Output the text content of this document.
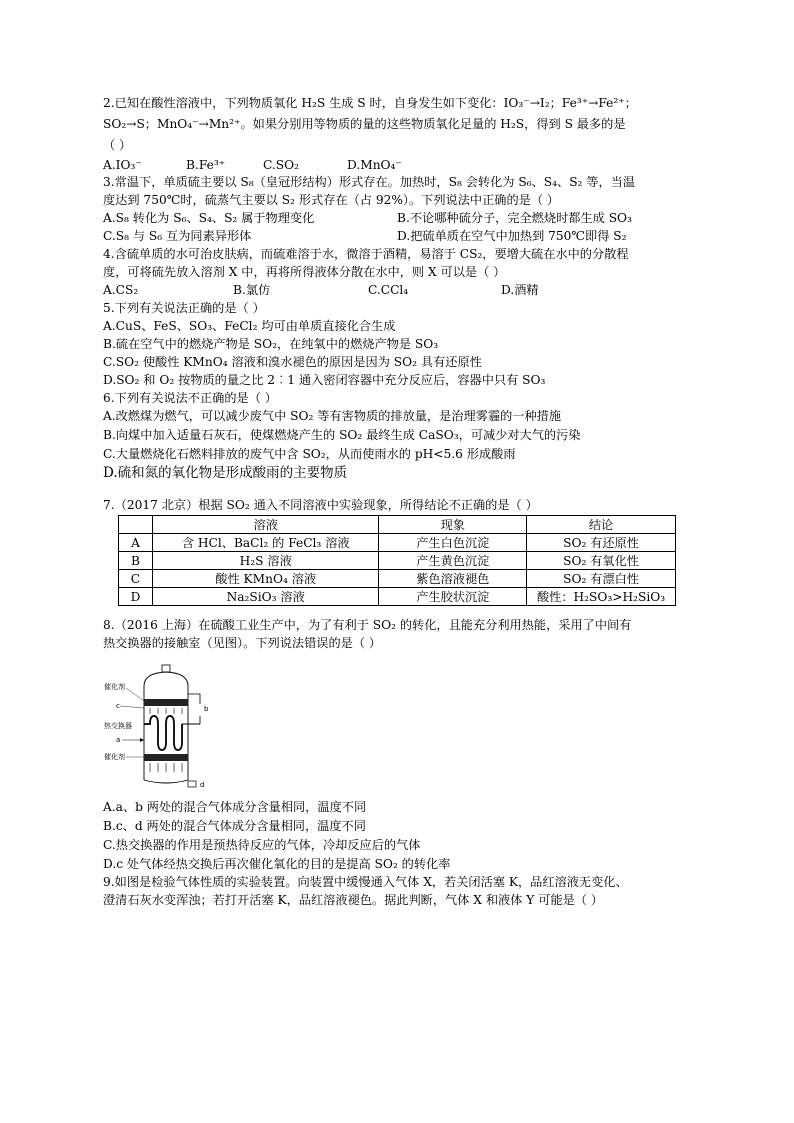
2.已知在酸性溶液中，下列物质氧化 H₂S 生成 S 时，自身发生如下变化：IO₃⁻→I₂；Fe³⁺→Fe²⁺；
SO₂→S；MnO₄⁻→Mn²⁺。如果分别用等物质的量的这些物质氧化足量的 H₂S，得到 S 最多的是
（ ）
A.IO₃⁻	B.Fe³⁺	C.SO₂	D.MnO₄⁻
3.常温下，单质硫主要以 S₈（皇冠形结构）形式存在。加热时，S₈ 会转化为 S₆、S₄、S₂ 等，当温
度达到 750℃时，硫蒸气主要以 S₂ 形式存在（占 92%）。下列说法中正确的是（ ）
A.S₈ 转化为 S₆、S₄、S₂ 属于物理变化	B.不论哪种硫分子，完全燃烧时都生成 SO₃
C.S₈ 与 S₆ 互为同素异形体	D.把硫单质在空气中加热到 750℃即得 S₂
4.含硫单质的水可治皮肤病，而硫难溶于水，微溶于酒精，易溶于 CS₂，要增大硫在水中的分散程
度，可将硫先放入溶剂 X 中，再将所得液体分散在水中，则 X 可以是（ ）
A.CS₂	B.氯仿	C.CCl₄	D.酒精
5.下列有关说法正确的是（ ）
A.CuS、FeS、SO₃、FeCl₂ 均可由单质直接化合生成
B.硫在空气中的燃烧产物是 SO₂，在纯氧中的燃烧产物是 SO₃
C.SO₂ 使酸性 KMnO₄ 溶液和溴水褪色的原因是因为 SO₂ 具有还原性
D.SO₂ 和 O₂ 按物质的量之比 2︰1 通入密闭容器中充分反应后，容器中只有 SO₃
6.下列有关说法不正确的是（ ）
A.改燃煤为燃气，可以减少废气中 SO₂ 等有害物质的排放量，是治理雾霾的一种措施
B.向煤中加入适量石灰石，使煤燃烧产生的 SO₂ 最终生成 CaSO₃，可减少对大气的污染
C.大量燃烧化石燃料排放的废气中含 SO₂，从而使雨水的 pH<5.6 形成酸雨
D.硫和氮的氧化物是形成酸雨的主要物质
7.（2017 北京）根据 SO₂ 通入不同溶液中实验现象，所得结论不正确的是（ ）
	溶液	现象	结论
A	含 HCl、BaCl₂ 的 FeCl₃ 溶液	产生白色沉淀	SO₂ 有还原性
B	H₂S 溶液	产生黄色沉淀	SO₂ 有氧化性
C	酸性 KMnO₄ 溶液	紫色溶液褪色	SO₂ 有漂白性
D	Na₂SiO₃ 溶液	产生胶状沉淀	酸性：H₂SO₃>H₂SiO₃
8.（2016 上海）在硫酸工业生产中，为了有利于 SO₂ 的转化，且能充分利用热能，采用了中间有
热交换器的接触室（见图）。下列说法错误的是（ ）
催化剂
c
热交换器
a
催化剂
b
d
A.a、b 两处的混合气体成分含量相同，温度不同
B.c、d 两处的混合气体成分含量相同，温度不同
C.热交换器的作用是预热待反应的气体，冷却反应后的气体
D.c 处气体经热交换后再次催化氧化的目的是提高 SO₂ 的转化率
9.如图是检验气体性质的实验装置。向装置中缓慢通入气体 X，若关闭活塞 K，品红溶液无变化、
澄清石灰水变浑浊；若打开活塞 K，品红溶液褪色。据此判断，气体 X 和液体 Y 可能是（ ）
